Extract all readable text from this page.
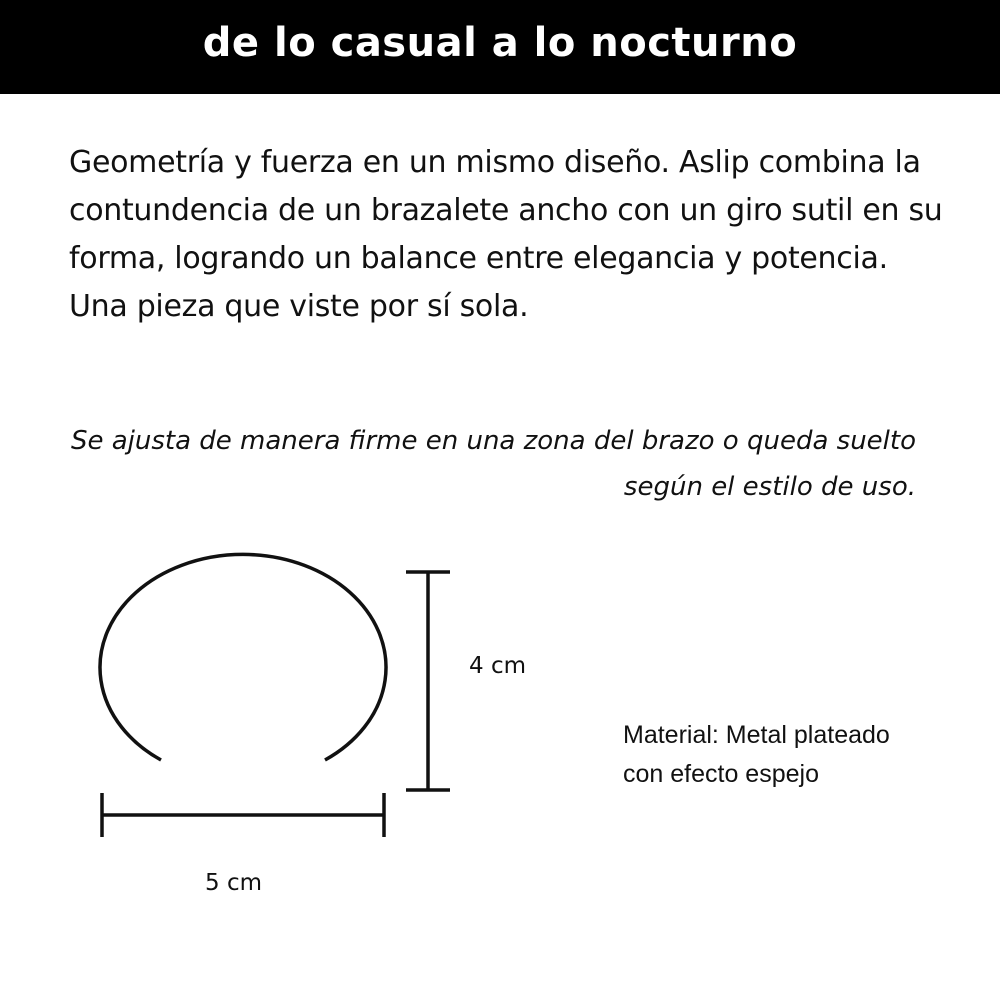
de lo casual a lo nocturno

Geometría y fuerza en un mismo diseño. Aslip combina la contundencia de un brazalete ancho con un giro sutil en su forma, logrando un balance entre elegancia y potencia. Una pieza que viste por sí sola.

Se ajusta de manera firme en una zona del brazo o queda suelto según el estilo de uso.

4 cm
5 cm

Material: Metal plateado con efecto espejo
